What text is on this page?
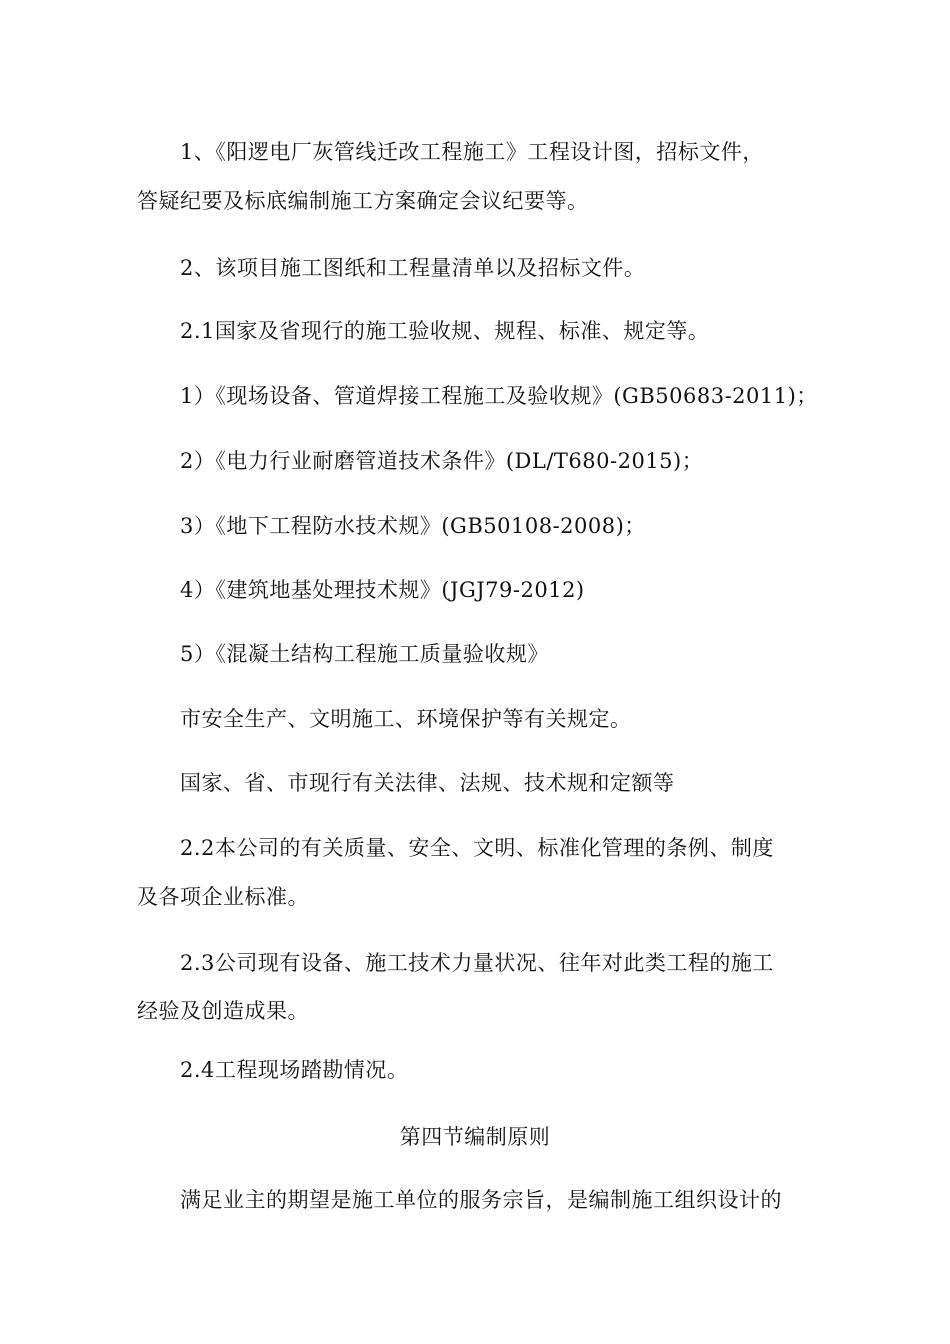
1、《阳逻电厂灰管线迁改工程施工》工程设计图，招标文件，
答疑纪要及标底编制施工方案确定会议纪要等。
2、该项目施工图纸和工程量清单以及招标文件。
2.1国家及省现行的施工验收规、规程、标准、规定等。
1）《现场设备、管道焊接工程施工及验收规》(GB50683-2011)；
2）《电力行业耐磨管道技术条件》(DL/T680-2015)；
3）《地下工程防水技术规》(GB50108-2008)；
4）《建筑地基处理技术规》(JGJ79-2012)
5）《混凝土结构工程施工质量验收规》
市安全生产、文明施工、环境保护等有关规定。
国家、省、市现行有关法律、法规、技术规和定额等
2.2本公司的有关质量、安全、文明、标准化管理的条例、制度
及各项企业标准。
2.3公司现有设备、施工技术力量状况、往年对此类工程的施工
经验及创造成果。
2.4工程现场踏勘情况。
第四节编制原则
满足业主的期望是施工单位的服务宗旨，是编制施工组织设计的
